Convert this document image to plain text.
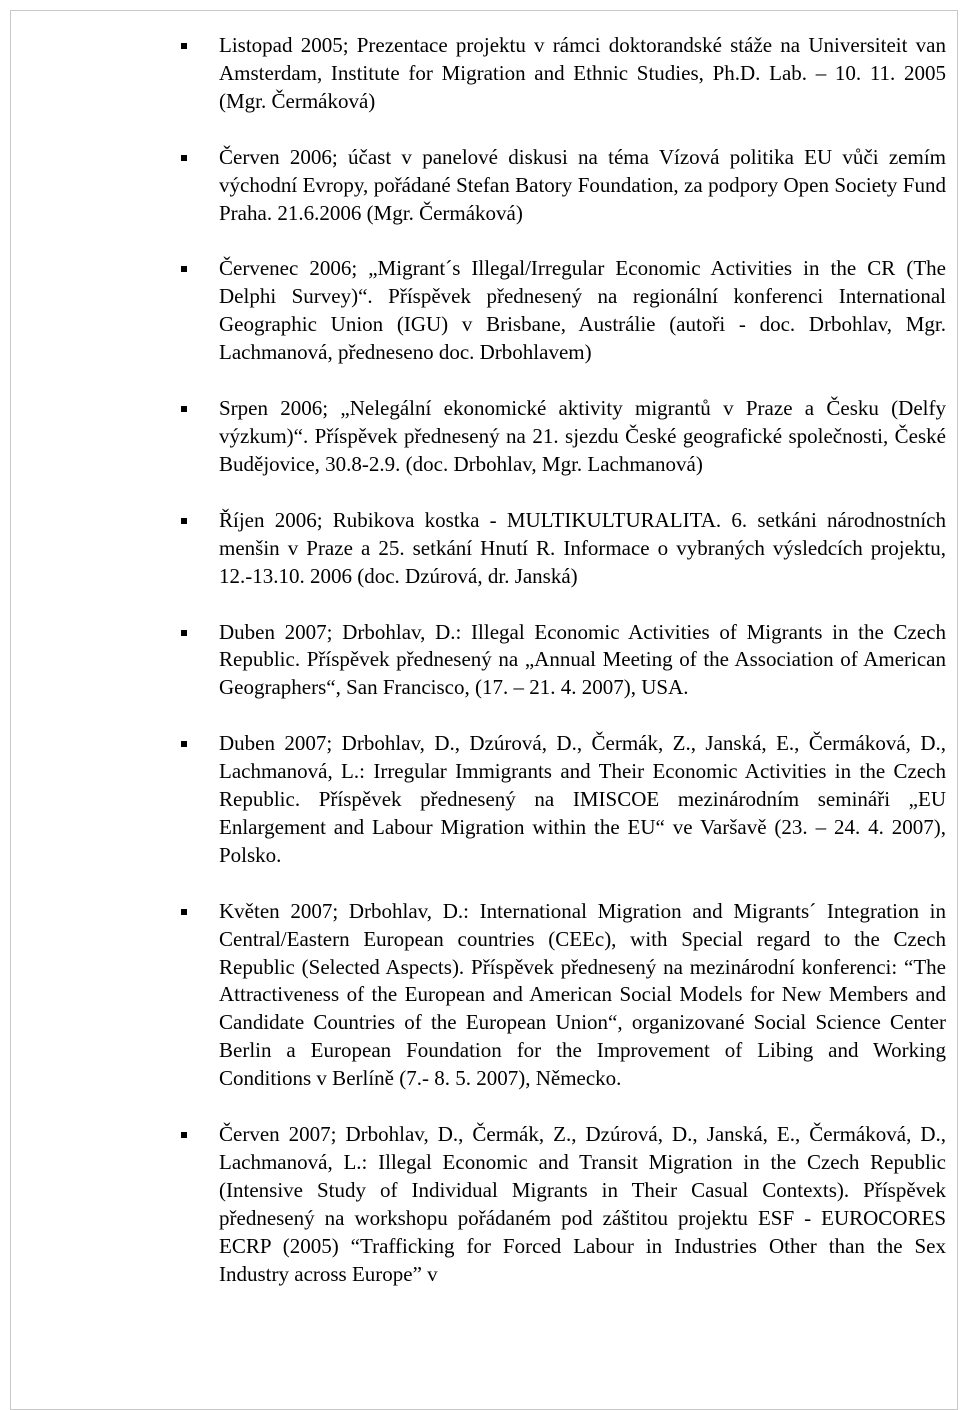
Listopad 2005; Prezentace projektu v rámci doktorandské stáže na Universiteit van Amsterdam, Institute for Migration and Ethnic Studies, Ph.D. Lab. – 10. 11. 2005 (Mgr. Čermáková)
Červen 2006; účast v panelové diskusi na téma Vízová politika EU vůči zemím východní Evropy, pořádané Stefan Batory Foundation, za podpory Open Society Fund Praha. 21.6.2006 (Mgr. Čermáková)
Červenec 2006; „Migrant´s Illegal/Irregular Economic Activities in the CR (The Delphi Survey)“. Příspěvek přednesený na regionální konferenci International Geographic Union (IGU) v Brisbane, Austrálie (autoři - doc. Drbohlav, Mgr. Lachmanová, předneseno doc. Drbohlavem)
Srpen 2006; „Nelegální ekonomické aktivity migrantů v Praze a Česku (Delfy výzkum)“. Příspěvek přednesený na 21. sjezdu České geografické společnosti, České Budějovice, 30.8-2.9. (doc. Drbohlav, Mgr. Lachmanová)
Říjen 2006; Rubikova kostka - MULTIKULTURALITA. 6. setkáni národnostních menšin v Praze a 25. setkání Hnutí R. Informace o vybraných výsledcích projektu, 12.-13.10. 2006 (doc. Dzúrová, dr. Janská)
Duben 2007; Drbohlav, D.: Illegal Economic Activities of Migrants in the Czech Republic. Příspěvek přednesený na „Annual Meeting of the Association of American Geographers“, San Francisco, (17. – 21. 4. 2007), USA.
Duben 2007; Drbohlav, D., Dzúrová, D., Čermák, Z., Janská, E., Čermáková, D., Lachmanová, L.: Irregular Immigrants and Their Economic Activities in the Czech Republic. Příspěvek přednesený na IMISCOE mezinárodním semináři „EU Enlargement and Labour Migration within the EU“ ve Varšavě (23. – 24. 4. 2007), Polsko.
Květen 2007; Drbohlav, D.: International Migration and Migrants´ Integration in Central/Eastern European countries (CEEc), with Special regard to the Czech Republic (Selected Aspects). Příspěvek přednesený na mezinárodní konferenci: “The Attractiveness of the European and American Social Models for New Members and Candidate Countries of the European Union“, organizované Social Science Center Berlin a European Foundation for the Improvement of Libing and Working Conditions v Berlíně (7.- 8. 5. 2007), Německo.
Červen 2007; Drbohlav, D., Čermák, Z., Dzúrová, D., Janská, E., Čermáková, D., Lachmanová, L.: Illegal Economic and Transit Migration in the Czech Republic (Intensive Study of Individual Migrants in Their Casual Contexts). Příspěvek přednesený na workshopu pořádaném pod záštitou projektu ESF - EUROCORES ECRP (2005) “Trafficking for Forced Labour in Industries Other than the Sex Industry across Europe” v
